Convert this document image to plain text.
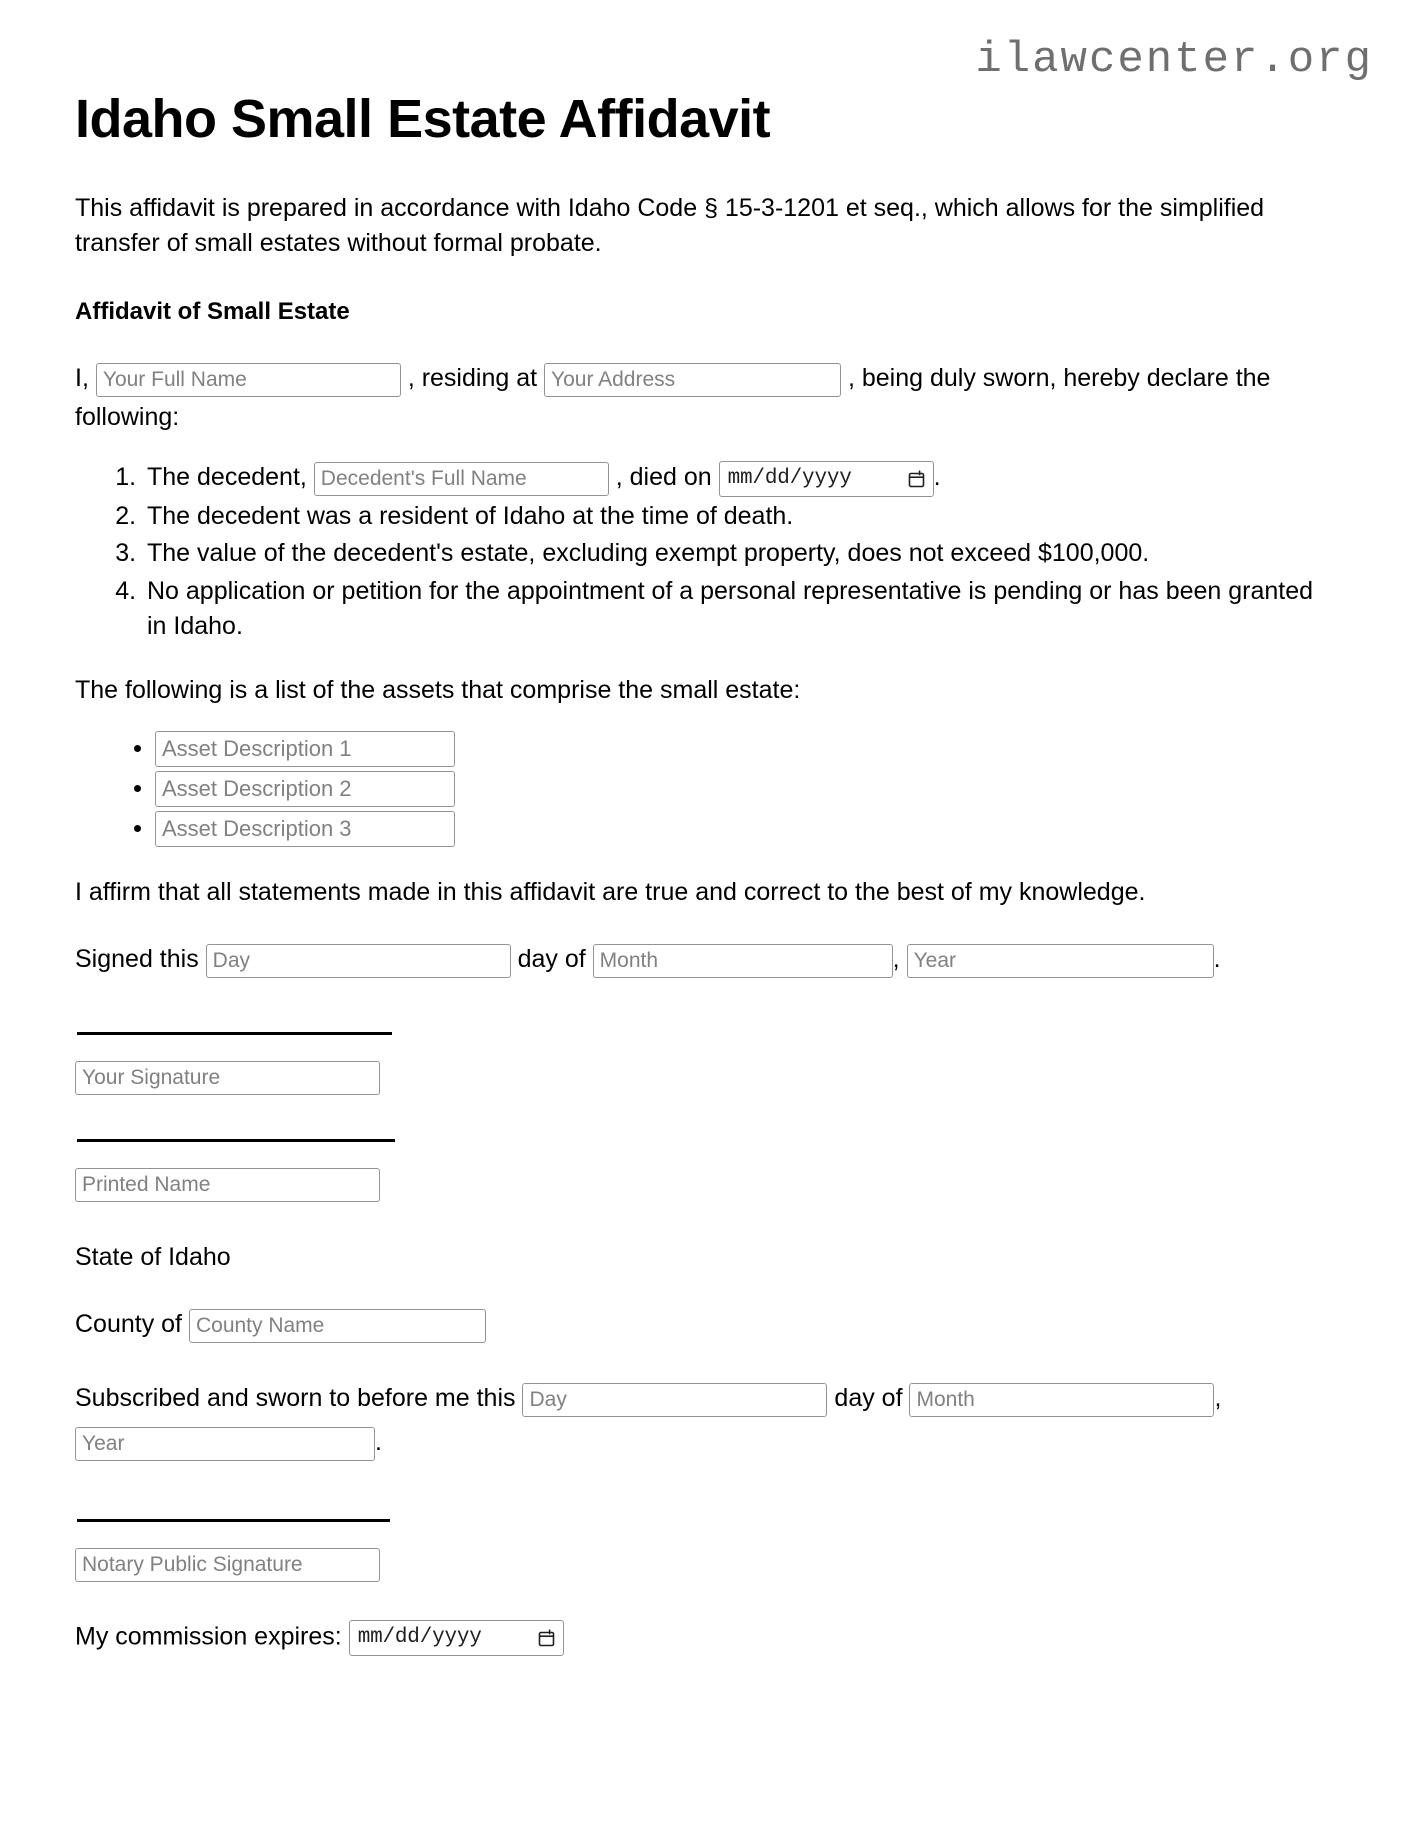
ilawcenter.org
Idaho Small Estate Affidavit

This affidavit is prepared in accordance with Idaho Code § 15-3-1201 et seq., which allows for the simplified transfer of small estates without formal probate.

Affidavit of Small Estate
I, Your Full Name	, residing at Your Address	, being duly sworn, hereby declare the following:
1. The decedent, Decedent's Full Name	, died on mm/dd/yyyy	.
2. The decedent was a resident of Idaho at the time of death.
3. The value of the decedent's estate, excluding exempt property, does not exceed $100,000.
4. No application or petition for the appointment of a personal representative is pending or has been granted in Idaho.

The following is a list of the assets that comprise the small estate:

• Asset Description 1
• Asset Description 2
• Asset Description 3

I affirm that all statements made in this affidavit are true and correct to the best of my knowledge.

Signed this Day	day of Month	, Year	.
Your Signature
Printed Name

State of Idaho

County of County Name
Subscribed and sworn to before me this Day	day of Month	, Year.
Notary Public Signature
My commission expires: mm/dd/yyyy
